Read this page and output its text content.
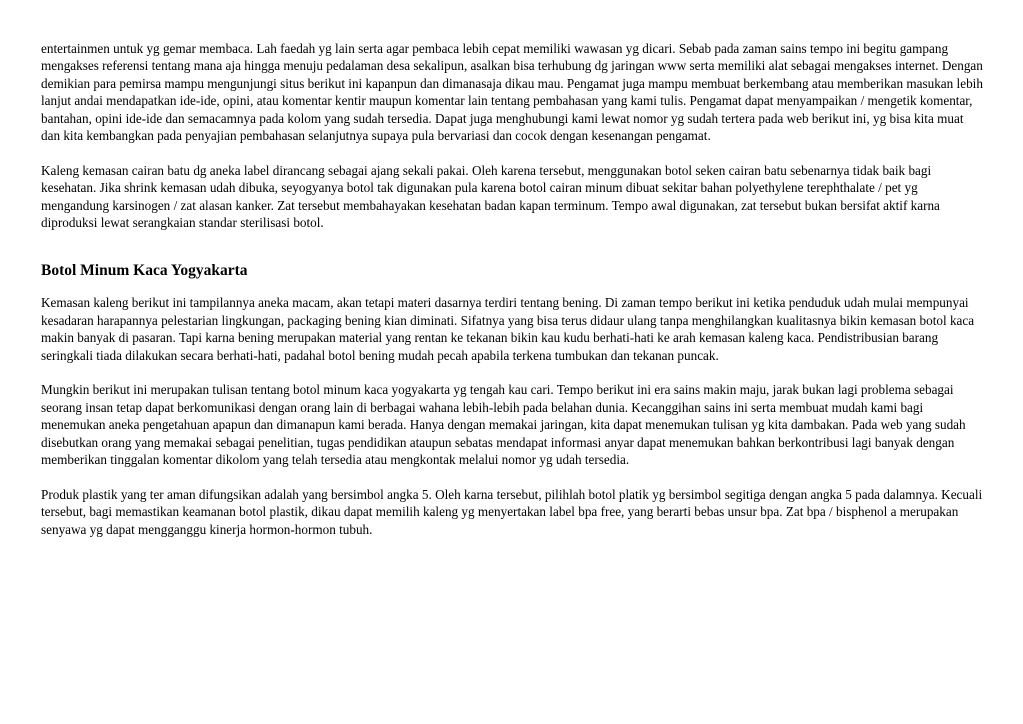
entertainmen untuk yg gemar membaca. Lah faedah yg lain serta agar pembaca lebih cepat memiliki wawasan yg dicari. Sebab pada zaman sains tempo ini begitu gampang mengakses referensi tentang mana aja hingga menuju pedalaman desa sekalipun, asalkan bisa terhubung dg jaringan www serta memiliki alat sebagai mengakses internet. Dengan demikian para pemirsa mampu mengunjungi situs berikut ini kapanpun dan dimanasaja dikau mau. Pengamat juga mampu membuat berkembang atau memberikan masukan lebih lanjut andai mendapatkan ide-ide, opini, atau komentar kentir maupun komentar lain tentang pembahasan yang kami tulis. Pengamat dapat menyampaikan / mengetik komentar, bantahan, opini ide-ide dan semacamnya pada kolom yang sudah tersedia. Dapat juga menghubungi kami lewat nomor yg sudah tertera pada web berikut ini, yg bisa kita muat dan kita kembangkan pada penyajian pembahasan selanjutnya supaya pula bervariasi dan cocok dengan kesenangan pengamat.

Kaleng kemasan cairan batu dg aneka label dirancang sebagai ajang sekali pakai. Oleh karena tersebut, menggunakan botol seken cairan batu sebenarnya tidak baik bagi kesehatan. Jika shrink kemasan udah dibuka, seyogyanya botol tak digunakan pula karena botol cairan minum dibuat sekitar bahan polyethylene terephthalate / pet yg mengandung karsinogen / zat alasan kanker. Zat tersebut membahayakan kesehatan badan kapan terminum. Tempo awal digunakan, zat tersebut bukan bersifat aktif karna diproduksi lewat serangkaian standar sterilisasi botol.

Botol Minum Kaca Yogyakarta

Kemasan kaleng berikut ini tampilannya aneka macam, akan tetapi materi dasarnya terdiri tentang bening. Di zaman tempo berikut ini ketika penduduk udah mulai mempunyai kesadaran harapannya pelestarian lingkungan, packaging bening kian diminati. Sifatnya yang bisa terus didaur ulang tanpa menghilangkan kualitasnya bikin kemasan botol kaca makin banyak di pasaran. Tapi karna bening merupakan material yang rentan ke tekanan bikin kau kudu berhati-hati ke arah kemasan kaleng kaca. Pendistribusian barang seringkali tiada dilakukan secara berhati-hati, padahal botol bening mudah pecah apabila terkena tumbukan dan tekanan puncak.

Mungkin berikut ini merupakan tulisan tentang botol minum kaca yogyakarta yg tengah kau cari. Tempo berikut ini era sains makin maju, jarak bukan lagi problema sebagai seorang insan tetap dapat berkomunikasi dengan orang lain di berbagai wahana lebih-lebih pada belahan dunia. Kecanggihan sains ini serta membuat mudah kami bagi menemukan aneka pengetahuan apapun dan dimanapun kami berada. Hanya dengan memakai jaringan, kita dapat menemukan tulisan yg kita dambakan. Pada web yang sudah disebutkan orang yang memakai sebagai penelitian, tugas pendidikan ataupun sebatas mendapat informasi anyar dapat menemukan bahkan berkontribusi lagi banyak dengan memberikan tinggalan komentar dikolom yang telah tersedia atau mengkontak melalui nomor yg udah tersedia.

Produk plastik yang ter aman difungsikan adalah yang bersimbol angka 5. Oleh karna tersebut, pilihlah botol platik yg bersimbol segitiga dengan angka 5 pada dalamnya. Kecuali tersebut, bagi memastikan keamanan botol plastik, dikau dapat memilih kaleng yg menyertakan label bpa free, yang berarti bebas unsur bpa. Zat bpa / bisphenol a merupakan senyawa yg dapat mengganggu kinerja hormon-hormon tubuh.
